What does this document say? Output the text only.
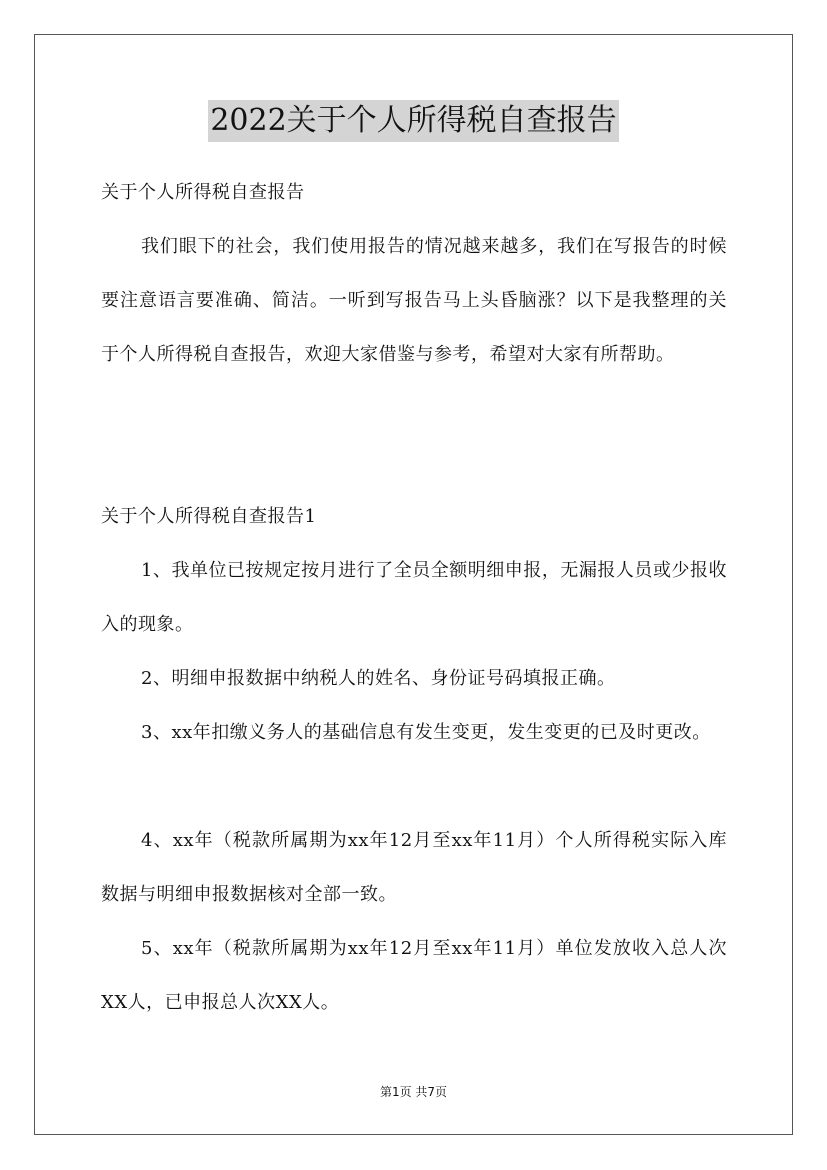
2022关于个人所得税自查报告

关于个人所得税自查报告

我们眼下的社会，我们使用报告的情况越来越多，我们在写报告的时候要注意语言要准确、简洁。一听到写报告马上头昏脑涨？以下是我整理的关于个人所得税自查报告，欢迎大家借鉴与参考，希望对大家有所帮助。

关于个人所得税自查报告1

1、我单位已按规定按月进行了全员全额明细申报，无漏报人员或少报收入的现象。

2、明细申报数据中纳税人的姓名、身份证号码填报正确。

3、xx年扣缴义务人的基础信息有发生变更，发生变更的已及时更改。

4、xx年（税款所属期为xx年12月至xx年11月）个人所得税实际入库数据与明细申报数据核对全部一致。

5、xx年（税款所属期为xx年12月至xx年11月）单位发放收入总人次XX人，已申报总人次XX人。

第1页 共7页
